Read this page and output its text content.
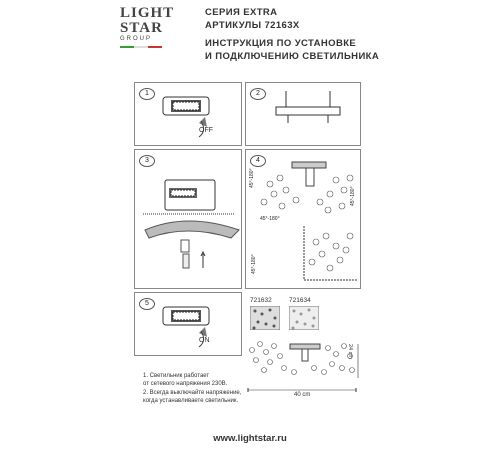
LIGHT
STAR
GROUP
СЕРИЯ EXTRA
АРТИКУЛЫ 72163X
ИНСТРУКЦИЯ ПО УСТАНОВКЕ
И ПОДКЛЮЧЕНИЮ СВЕТИЛЬНИКА
1
OFF
2
3	4
45°-180°
45°-180°
45°-180°
45°-180°
5
ON
721632	721634
24 cm
40 cm
1. Светильник работает
от сетевого напряжения 230В.
2. Всегда выключайте напряжение,
когда устанавливаете светильник.
www.lightstar.ru
